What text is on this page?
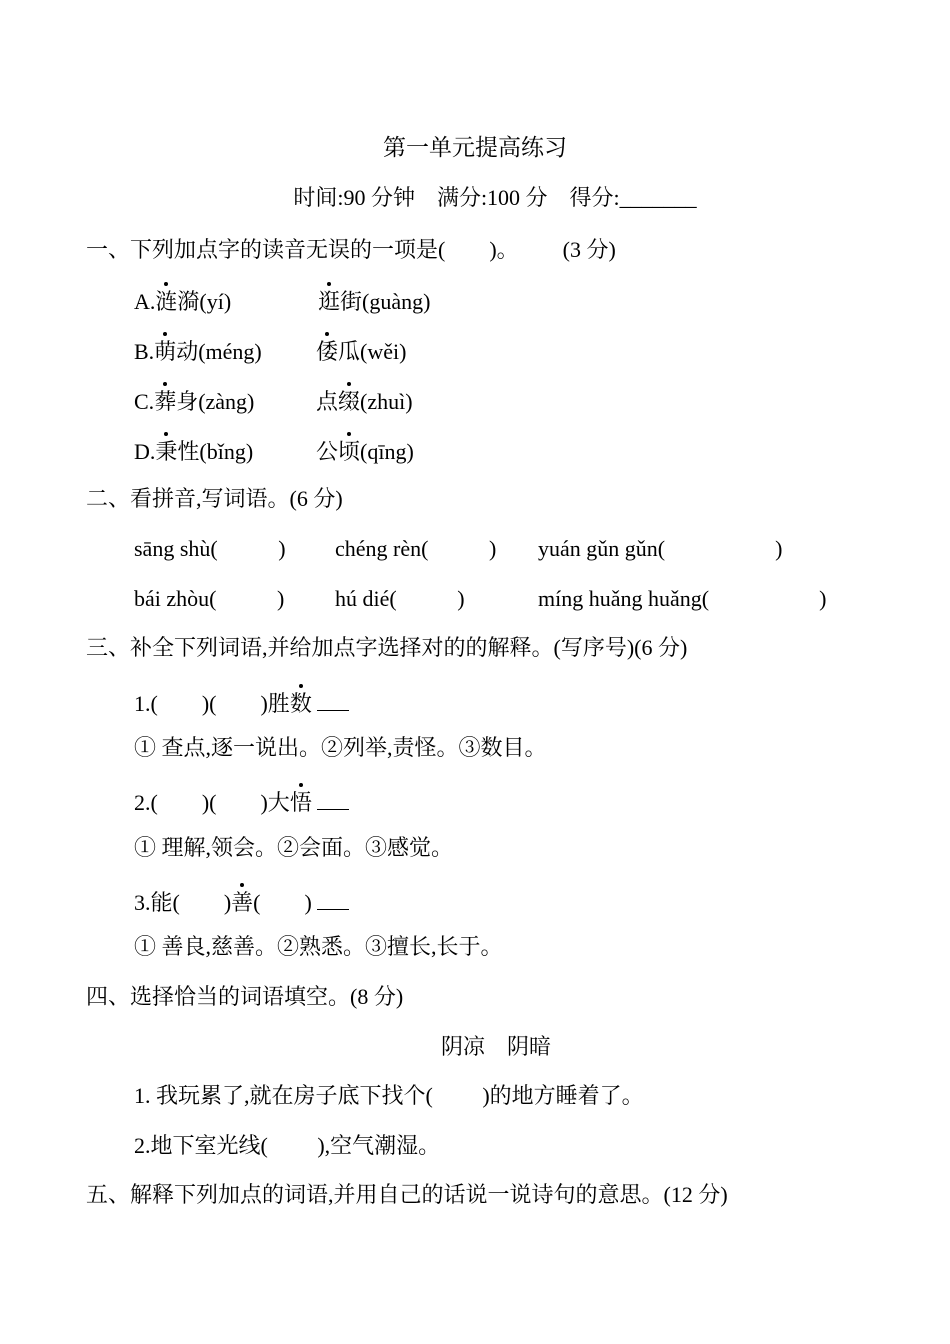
第一单元提高练习
时间:90 分钟    满分:100 分    得分:_______
一、下列加点字的读音无误的一项是(        )。        (3 分)
A.涟漪(yí)	逛街(guàng)
B.萌动(méng) 倭瓜(wěi)
C.葬身(zàng)	点缀(zhuì)
D.秉性(bǐng)	公顷(qīng)
二、看拼音,写词语。(6 分)
sāng shù(           ) chéng rèn(           ) yuán gǔn gǔn(                    )
bái zhòu(           ) hú dié(           )	míng huǎng huǎng(                    )
三、补全下列词语,并给加点字选择对的的解释。(写序号)(6 分)
1.(        )(        )胜数
① 查点,逐一说出。②列举,责怪。③数目。
2.(        )(        )大悟
① 理解,领会。②会面。③感觉。
3.能(        )善(        )
① 善良,慈善。②熟悉。③擅长,长于。
四、选择恰当的词语填空。(8 分)
阴凉    阴暗
1. 我玩累了,就在房子底下找个(         )的地方睡着了。
2.地下室光线(         ),空气潮湿。
五、解释下列加点的词语,并用自己的话说一说诗句的意思。(12 分)
